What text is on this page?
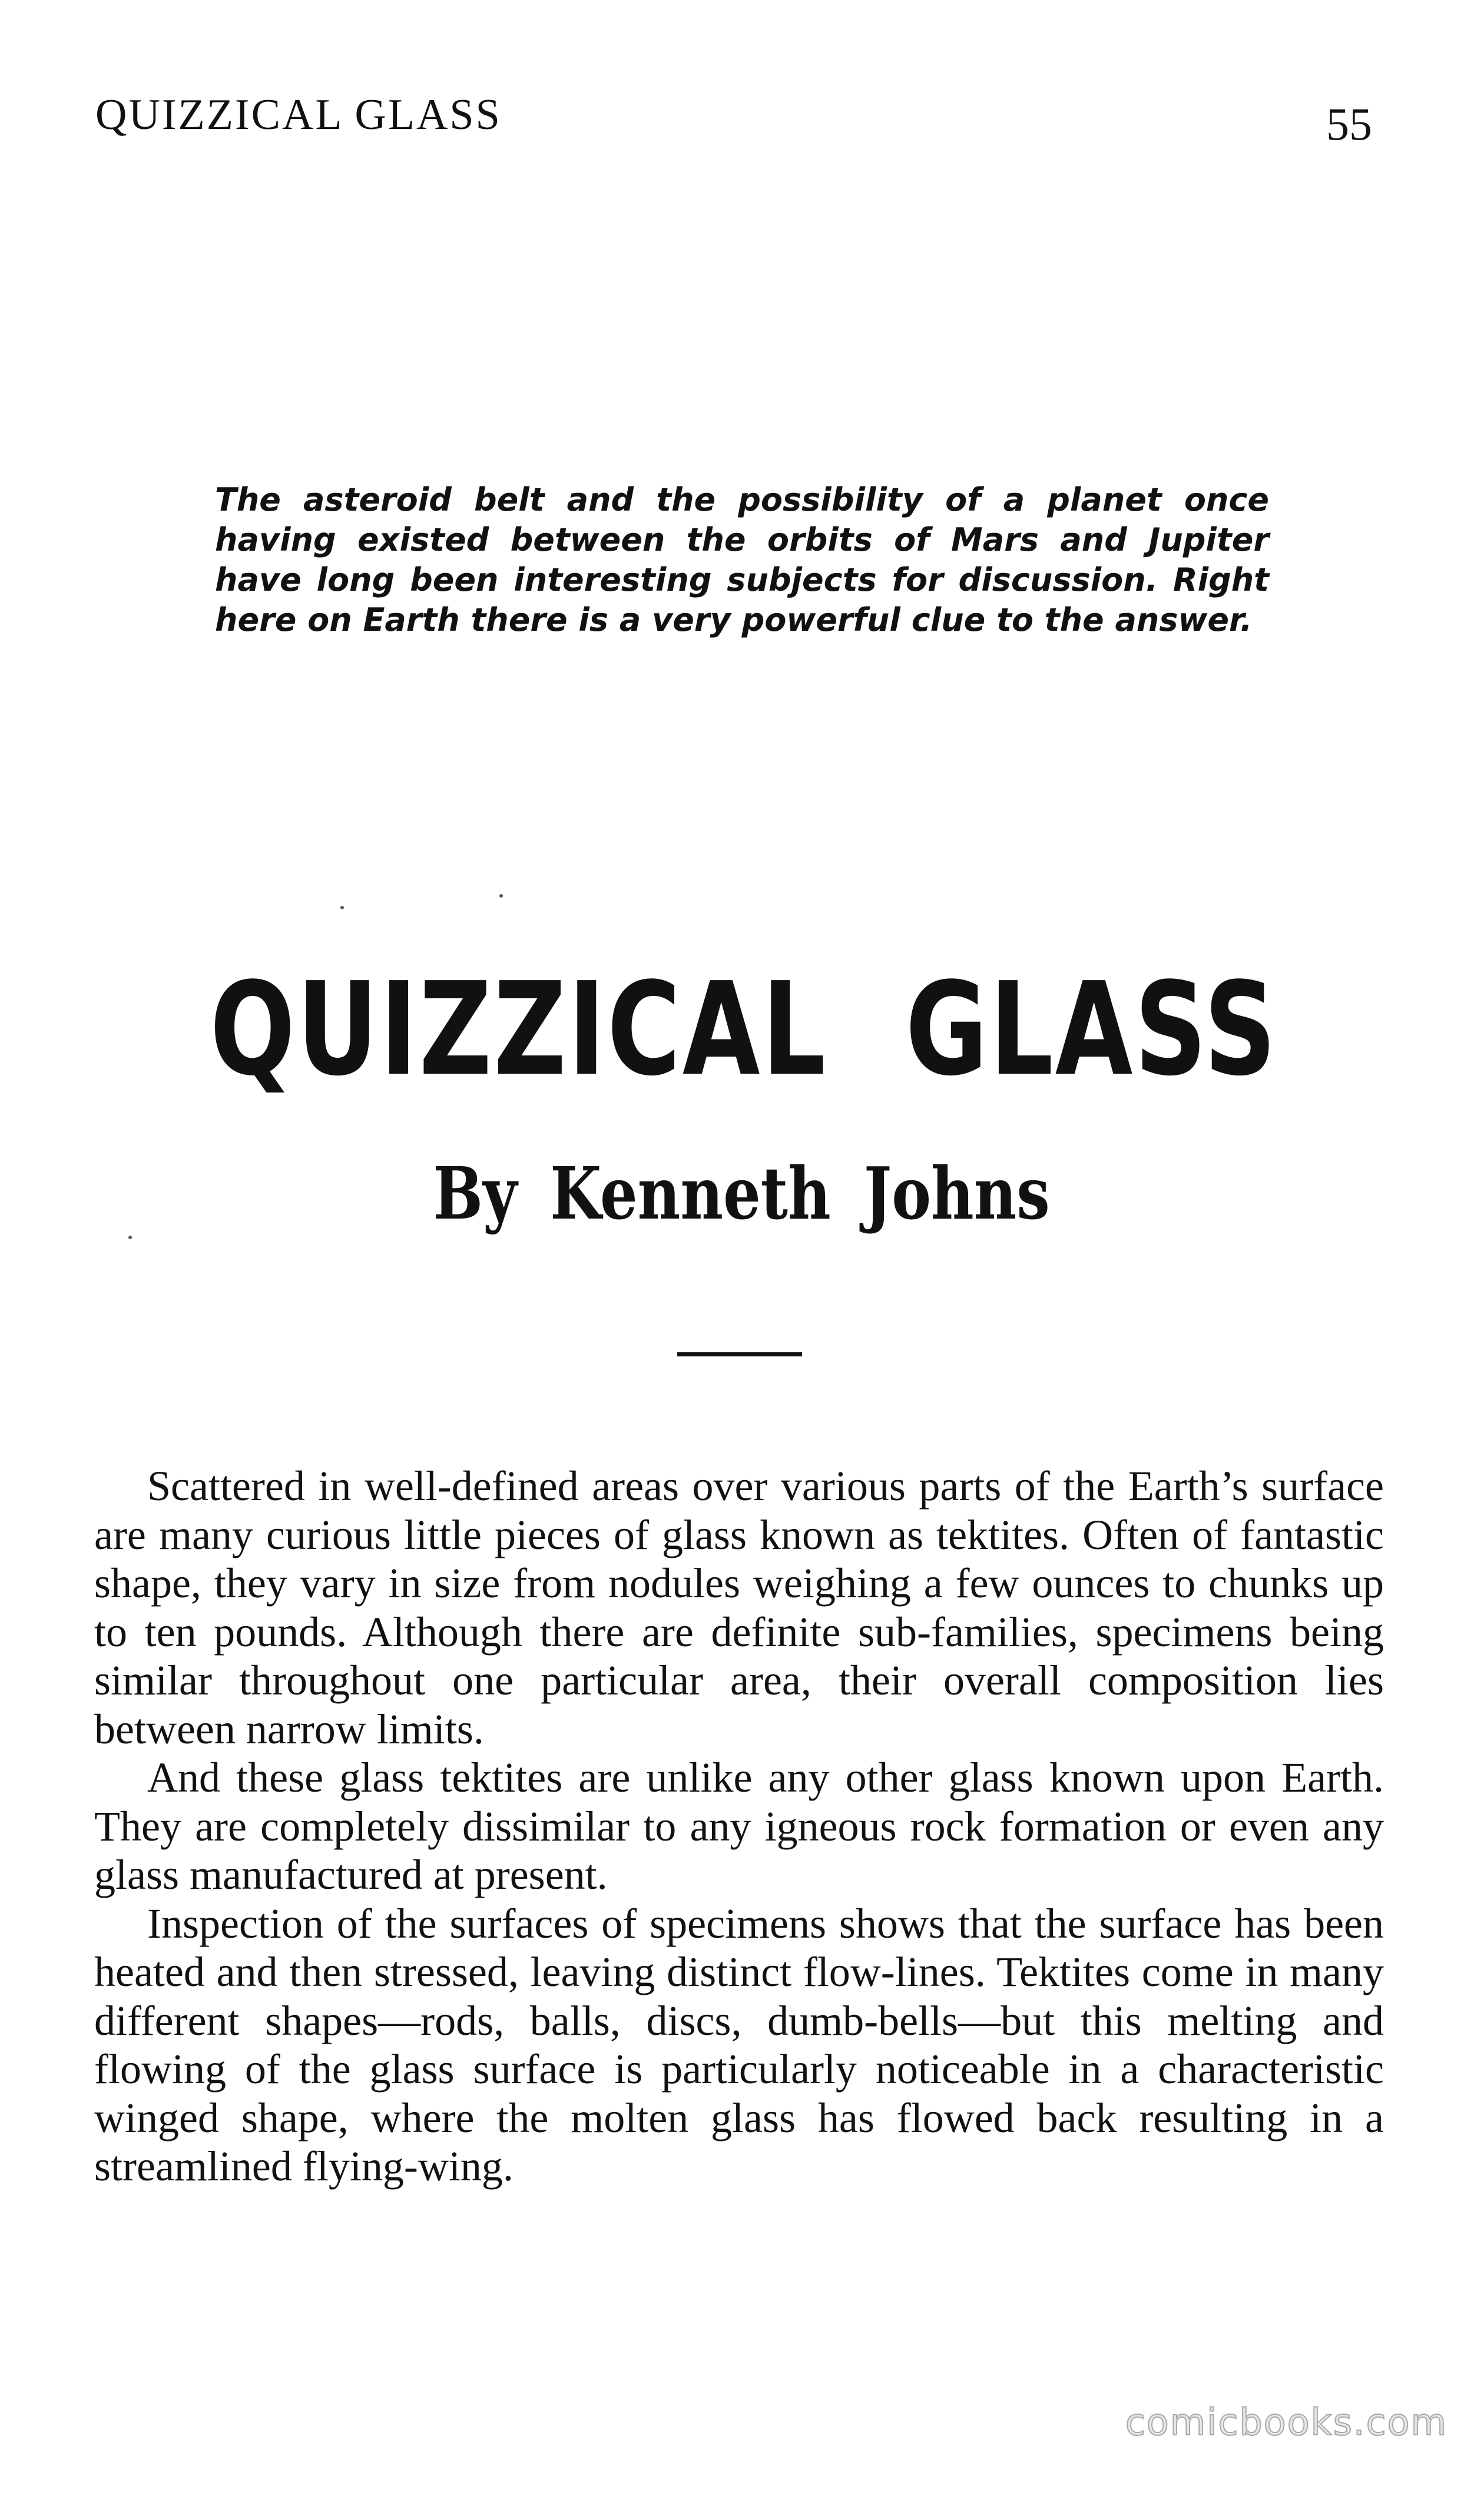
QUIZZICAL GLASS	55
The asteroid belt and the possibility of a planet once having existed between the orbits of Mars and Jupiter have long been interesting subjects for discussion. Right here on Earth there is a very powerful clue to the answer.
QUIZZICAL GLASS
By Kenneth Johns

Scattered in well-defined areas over various parts of the Earth’s surface are many curious little pieces of glass known as tektites. Often of fantastic shape, they vary in size from nodules weighing a few ounces to chunks up to ten pounds. Although there are definite sub-families, specimens being similar throughout one particular area, their overall composition lies between narrow limits.

And these glass tektites are unlike any other glass known upon Earth. They are completely dissimilar to any igneous rock formation or even any glass manufactured at present.

Inspection of the surfaces of specimens shows that the surface has been heated and then stressed, leaving distinct flow-lines. Tektites come in many different shapes—rods, balls, discs, dumb-bells—but this melting and flowing of the glass surface is particularly noticeable in a characteristic winged shape, where the molten glass has flowed back resulting in a streamlined flying-wing.

comicbooks.com
